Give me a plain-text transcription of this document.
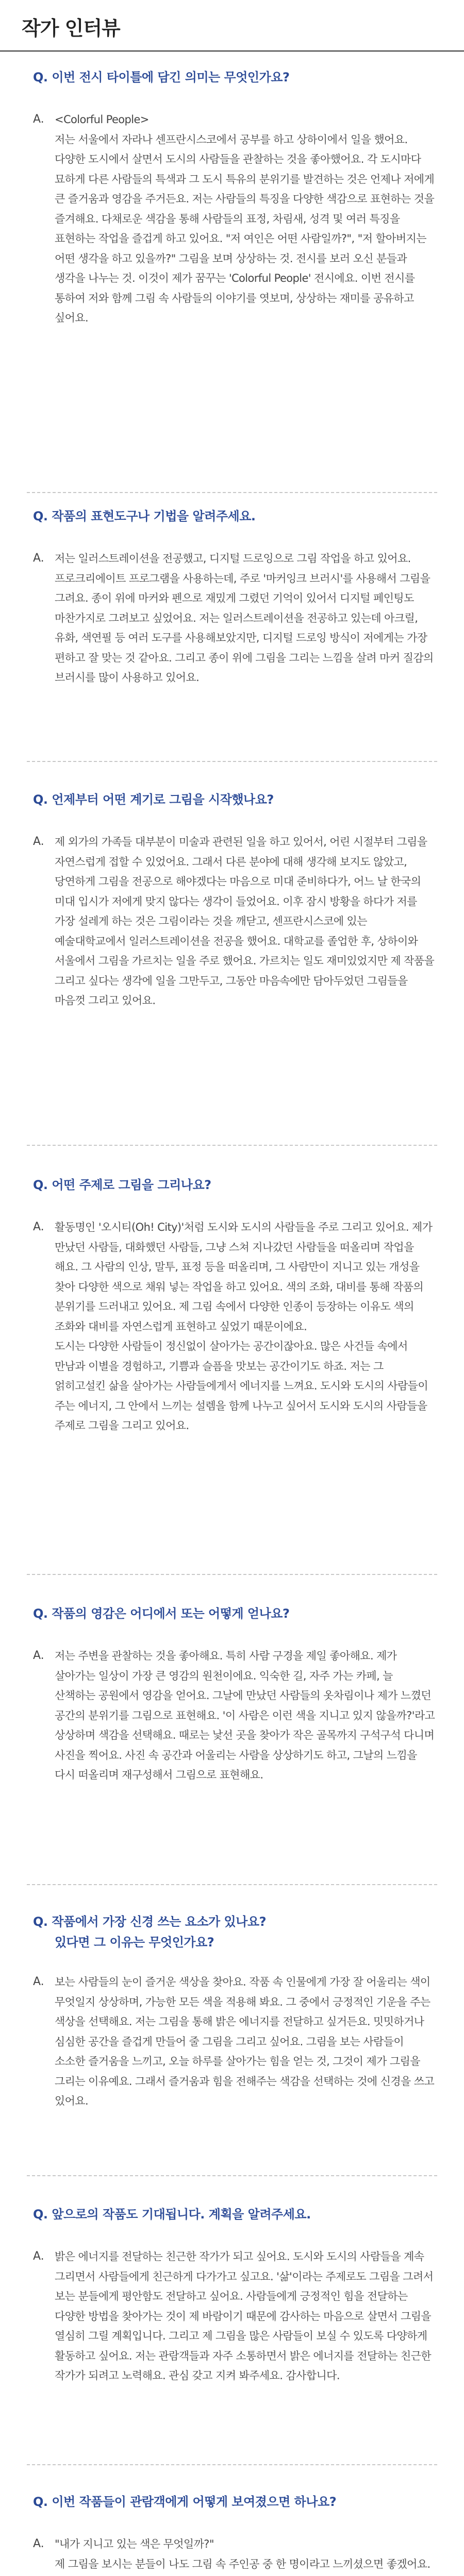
작가 인터뷰
Q. 이번 전시 타이틀에 담긴 의미는 무엇인가요?
A. <Colorful People>
저는 서울에서 자라나 센프란시스코에서 공부를 하고 상하이에서 일을 했어요. 다양한 도시에서 살면서 도시의 사람들을 관찰하는 것을 좋아했어요. 각 도시마다 묘하게 다른 사람들의 특색과 그 도시 특유의 분위기를 발견하는 것은 언제나 저에게 큰 즐거움과 영감을 주거든요. 저는 사람들의 특징을 다양한 색감으로 표현하는 것을 즐겨해요. 다채로운 색감을 통해 사람들의 표정, 차림새, 성격 및 여러 특징을 표현하는 작업을 즐겁게 하고 있어요. "저 여인은 어떤 사람일까?", "저 할아버지는 어떤 생각을 하고 있을까?" 그림을 보며 상상하는 것. 전시를 보러 오신 분들과 생각을 나누는 것. 이것이 제가 꿈꾸는 'Colorful People' 전시에요. 이번 전시를 통하여 저와 함께 그림 속 사람들의 이야기를 엿보며, 상상하는 재미를 공유하고 싶어요.
Q. 작품의 표현도구나 기법을 알려주세요.
A. 저는 일러스트레이션을 전공했고, 디지털 드로잉으로 그림 작업을 하고 있어요. 프로크리에이트 프로그램을 사용하는데, 주로 '마커잉크 브러시'를 사용해서 그림을 그려요. 종이 위에 마커와 펜으로 재밌게 그렸던 기억이 있어서 디지털 페인팅도 마찬가지로 그려보고 싶었어요. 저는 일러스트레이션을 전공하고 있는데 아크릴, 유화, 색연필 등 여러 도구를 사용해보았지만, 디지털 드로잉 방식이 저에게는 가장 편하고 잘 맞는 것 같아요. 그리고 종이 위에 그림을 그리는 느낌을 살려 마커 질감의 브러시를 많이 사용하고 있어요.
Q. 언제부터 어떤 계기로 그림을 시작했나요?
A. 제 외가의 가족들 대부분이 미술과 관련된 일을 하고 있어서, 어린 시절부터 그림을 자연스럽게 접할 수 있었어요. 그래서 다른 분야에 대해 생각해 보지도 않았고, 당연하게 그림을 전공으로 해야겠다는 마음으로 미대 준비하다가, 어느 날 한국의 미대 입시가 저에게 맞지 않다는 생각이 들었어요. 이후 잠시 방황을 하다가 저를 가장 설레게 하는 것은 그림이라는 것을 깨닫고, 센프란시스코에 있는 예술대학교에서 일러스트레이션을 전공을 했어요. 대학교를 졸업한 후, 상하이와 서울에서 그림을 가르치는 일을 주로 했어요. 가르치는 일도 재미있었지만 제 작품을 그리고 싶다는 생각에 일을 그만두고, 그동안 마음속에만 담아두었던 그림들을 마음껏 그리고 있어요.
Q. 어떤 주제로 그림을 그리나요?
A. 활동명인 '오시티(Oh! City)'처럼 도시와 도시의 사람들을 주로 그리고 있어요. 제가 만났던 사람들, 대화했던 사람들, 그냥 스쳐 지나갔던 사람들을 떠올리며 작업을 해요. 그 사람의 인상, 말투, 표정 등을 떠올리며, 그 사람만이 지니고 있는 개성을 찾아 다양한 색으로 채워 넣는 작업을 하고 있어요. 색의 조화, 대비를 통해 작품의 분위기를 드러내고 있어요. 제 그림 속에서 다양한 인종이 등장하는 이유도 색의 조화와 대비를 자연스럽게 표현하고 싶었기 때문이에요.
도시는 다양한 사람들이 정신없이 살아가는 공간이잖아요. 많은 사건들 속에서 만남과 이별을 경험하고, 기쁨과 슬픔을 맛보는 공간이기도 하죠. 저는 그 얽히고설킨 삶을 살아가는 사람들에게서 에너지를 느껴요. 도시와 도시의 사람들이 주는 에너지, 그 안에서 느끼는 설렘을 함께 나누고 싶어서 도시와 도시의 사람들을 주제로 그림을 그리고 있어요.
Q. 작품의 영감은 어디에서 또는 어떻게 얻나요?
A. 저는 주변을 관찰하는 것을 좋아해요. 특히 사람 구경을 제일 좋아해요. 제가 살아가는 일상이 가장 큰 영감의 원천이에요. 익숙한 길, 자주 가는 카페, 늘 산책하는 공원에서 영감을 얻어요. 그날에 만났던 사람들의 옷차림이나 제가 느꼈던 공간의 분위기를 그림으로 표현해요. '이 사람은 이런 색을 지니고 있지 않을까?'라고 상상하며 색감을 선택해요. 때로는 낯선 곳을 찾아가 작은 골목까지 구석구석 다니며 사진을 찍어요. 사진 속 공간과 어울리는 사람을 상상하기도 하고, 그날의 느낌을 다시 떠올리며 재구성해서 그림으로 표현해요.
Q. 작품에서 가장 신경 쓰는 요소가 있나요?
있다면 그 이유는 무엇인가요?
A. 보는 사람들의 눈이 즐거운 색상을 찾아요. 작품 속 인물에게 가장 잘 어울리는 색이 무엇일지 상상하며, 가능한 모든 색을 적용해 봐요. 그 중에서 긍정적인 기운을 주는 색상을 선택해요. 저는 그림을 통해 밝은 에너지를 전달하고 싶거든요. 밋밋하거나 심심한 공간을 즐겁게 만들어 줄 그림을 그리고 싶어요. 그림을 보는 사람들이 소소한 즐거움을 느끼고, 오늘 하루를 살아가는 힘을 얻는 것, 그것이 제가 그림을 그리는 이유예요. 그래서 즐거움과 힘을 전해주는 색감을 선택하는 것에 신경을 쓰고 있어요.
Q. 앞으로의 작품도 기대됩니다. 계획을 알려주세요.
A. 밝은 에너지를 전달하는 친근한 작가가 되고 싶어요. 도시와 도시의 사람들을 계속 그리면서 사람들에게 친근하게 다가가고 싶고요. '삶'이라는 주제로도 그림을 그려서 보는 분들에게 평안함도 전달하고 싶어요. 사람들에게 긍정적인 힘을 전달하는 다양한 방법을 찾아가는 것이 제 바람이기 때문에 감사하는 마음으로 살면서 그림을 열심히 그릴 계획입니다. 그리고 제 그림을 많은 사람들이 보실 수 있도록 다양하게 활동하고 싶어요. 저는 관람객들과 자주 소통하면서 밝은 에너지를 전달하는 친근한 작가가 되려고 노력해요. 관심 갖고 지켜 봐주세요. 감사합니다.
Q. 이번 작품들이 관람객에게 어떻게 보여졌으면 하나요?
A. "내가 지니고 있는 색은 무엇일까?"
제 그림을 보시는 분들이 나도 그림 속 주인공 중 한 명이라고 느끼셨으면 좋겠어요.
